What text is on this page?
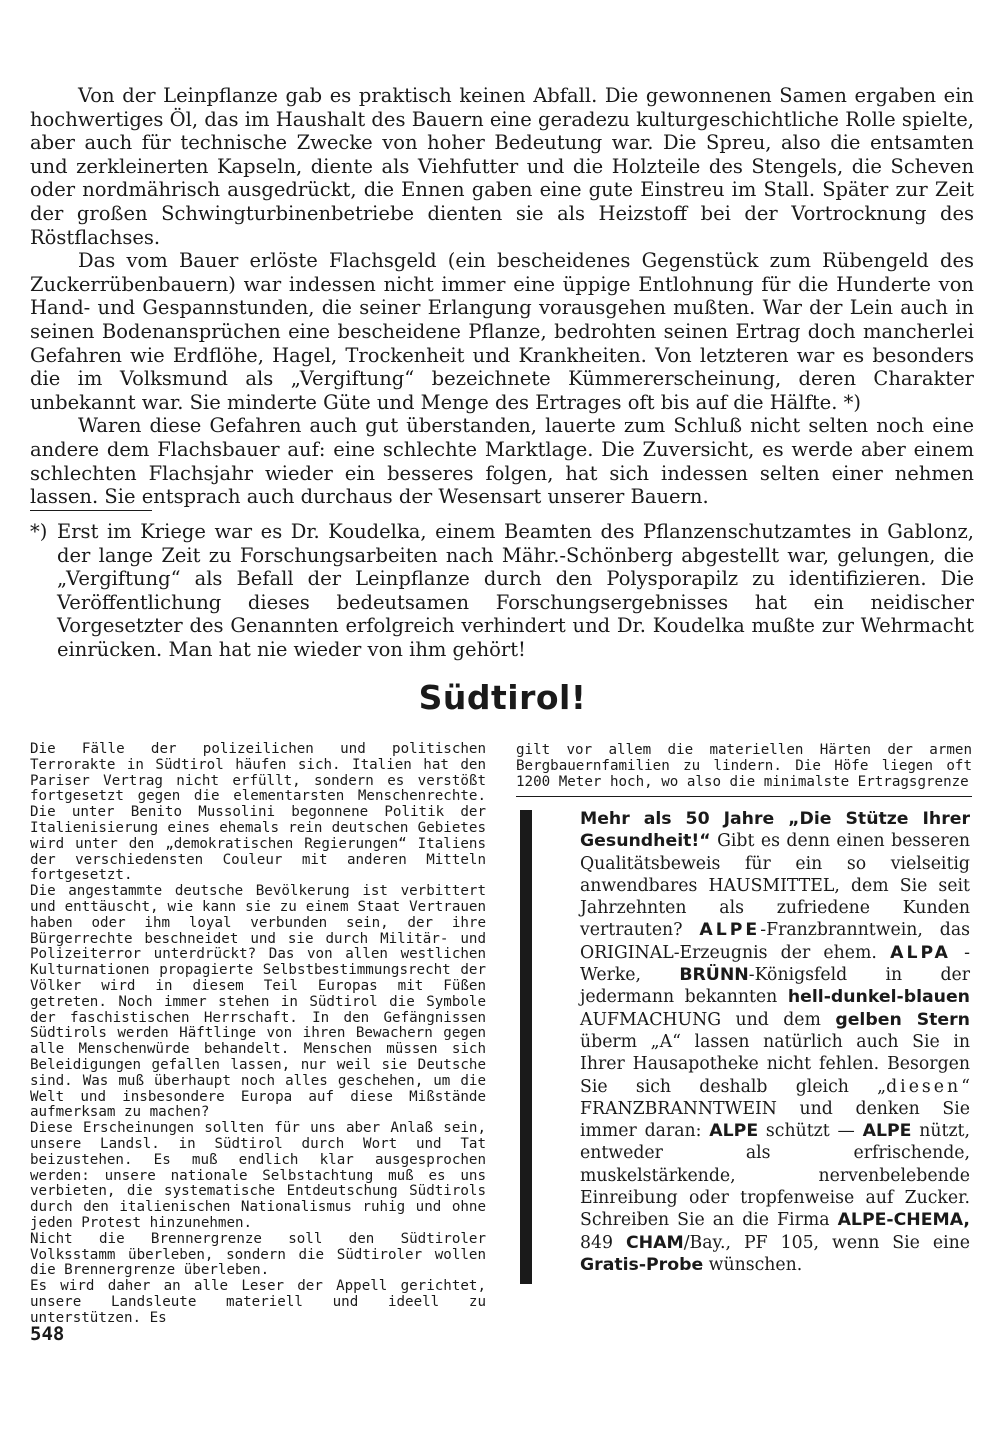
Von der Leinpflanze gab es praktisch keinen Abfall. Die gewonnenen Samen ergaben ein hochwertiges Öl, das im Haushalt des Bauern eine geradezu kulturgeschichtliche Rolle spielte, aber auch für technische Zwecke von hoher Bedeutung war. Die Spreu, also die entsamten und zerkleinerten Kapseln, diente als Viehfutter und die Holzteile des Stengels, die Scheven oder nordmährisch ausgedrückt, die Ennen gaben eine gute Einstreu im Stall. Später zur Zeit der großen Schwingturbinenbetriebe dienten sie als Heizstoff bei der Vortrocknung des Röstflachses.

Das vom Bauer erlöste Flachsgeld (ein bescheidenes Gegenstück zum Rübengeld des Zuckerrübenbauern) war indessen nicht immer eine üppige Entlohnung für die Hunderte von Hand- und Gespannstunden, die seiner Erlangung vorausgehen mußten. War der Lein auch in seinen Bodenansprüchen eine bescheidene Pflanze, bedrohten seinen Ertrag doch mancherlei Gefahren wie Erdflöhe, Hagel, Trockenheit und Krankheiten. Von letzteren war es besonders die im Volksmund als „Vergiftung“ bezeichnete Kümmererscheinung, deren Charakter unbekannt war. Sie minderte Güte und Menge des Ertrages oft bis auf die Hälfte. *)

Waren diese Gefahren auch gut überstanden, lauerte zum Schluß nicht selten noch eine andere dem Flachsbauer auf: eine schlechte Marktlage. Die Zuversicht, es werde aber einem schlechten Flachsjahr wieder ein besseres folgen, hat sich indessen selten einer nehmen lassen. Sie entsprach auch durchaus der Wesensart unserer Bauern.

*) Erst im Kriege war es Dr. Koudelka, einem Beamten des Pflanzenschutzamtes in Gablonz, der lange Zeit zu Forschungsarbeiten nach Mähr.-Schönberg abgestellt war, gelungen, die „Vergiftung“ als Befall der Leinpflanze durch den Polysporapilz zu identifizieren. Die Veröffentlichung dieses bedeutsamen Forschungsergebnisses hat ein neidischer Vorgesetzter des Genannten erfolgreich verhindert und Dr. Koudelka mußte zur Wehrmacht einrücken. Man hat nie wieder von ihm gehört!
Südtirol!

Die Fälle der polizeilichen und politischen Terrorakte in Südtirol häufen sich. Italien hat den Pariser Vertrag nicht erfüllt, sondern es verstößt fortgesetzt gegen die elementarsten Menschenrechte. Die unter Benito Mussolini begonnene Politik der Italienisierung eines ehemals rein deutschen Gebietes wird unter den „demokratischen Regierungen“ Italiens der verschiedensten Couleur mit anderen Mitteln fortgesetzt.

Die angestammte deutsche Bevölkerung ist verbittert und enttäuscht, wie kann sie zu einem Staat Vertrauen haben oder ihm loyal verbunden sein, der ihre Bürgerrechte beschneidet und sie durch Militär- und Polizeiterror unterdrückt? Das von allen westlichen Kulturnationen propagierte Selbstbestimmungsrecht der Völker wird in diesem Teil Europas mit Füßen getreten. Noch immer stehen in Südtirol die Symbole der faschistischen Herrschaft. In den Gefängnissen Südtirols werden Häftlinge von ihren Bewachern gegen alle Menschenwürde behandelt. Menschen müssen sich Beleidigungen gefallen lassen, nur weil sie Deutsche sind. Was muß überhaupt noch alles geschehen, um die Welt und insbesondere Europa auf diese Mißstände aufmerksam zu machen?

Diese Erscheinungen sollten für uns aber Anlaß sein, unsere Landsl. in Südtirol durch Wort und Tat beizustehen. Es muß endlich klar ausgesprochen werden: unsere nationale Selbstachtung muß es uns verbieten, die systematische Entdeutschung Südtirols durch den italienischen Nationalismus ruhig und ohne jeden Protest hinzunehmen.

Nicht die Brennergrenze soll den Südtiroler Volksstamm überleben, sondern die Südtiroler wollen die Brennergrenze überleben.

Es wird daher an alle Leser der Appell gerichtet, unsere Landsleute materiell und ideell zu unterstützen. Es

gilt vor allem die materiellen Härten der armen Bergbauernfamilien zu lindern. Die Höfe liegen oft 1200 Meter hoch, wo also die minimalste Ertragsgrenze
Mehr als 50 Jahre „Die Stütze Ihrer Gesundheit!“ Gibt es denn einen besseren Qualitätsbeweis für ein so vielseitig anwendbares HAUSMITTEL, dem Sie seit Jahrzehnten als zufriedene Kunden vertrauten? ALPE-Franzbranntwein, das ORIGINAL-Erzeugnis der ehem. ALPA - Werke, BRÜNN-Königsfeld in der jedermann bekannten hell-dunkel-blauen AUFMACHUNG und dem gelben Stern überm „A“ lassen natürlich auch Sie in Ihrer Hausapotheke nicht fehlen. Besorgen Sie sich deshalb gleich „diesen“ FRANZBRANNTWEIN und denken Sie immer daran: ALPE schützt — ALPE nützt, entweder als erfrischende, muskelstärkende, nervenbelebende Einreibung oder tropfenweise auf Zucker. Schreiben Sie an die Firma ALPE-CHEMA, 849 CHAM/Bay., PF 105, wenn Sie eine Gratis-Probe wünschen.
548
